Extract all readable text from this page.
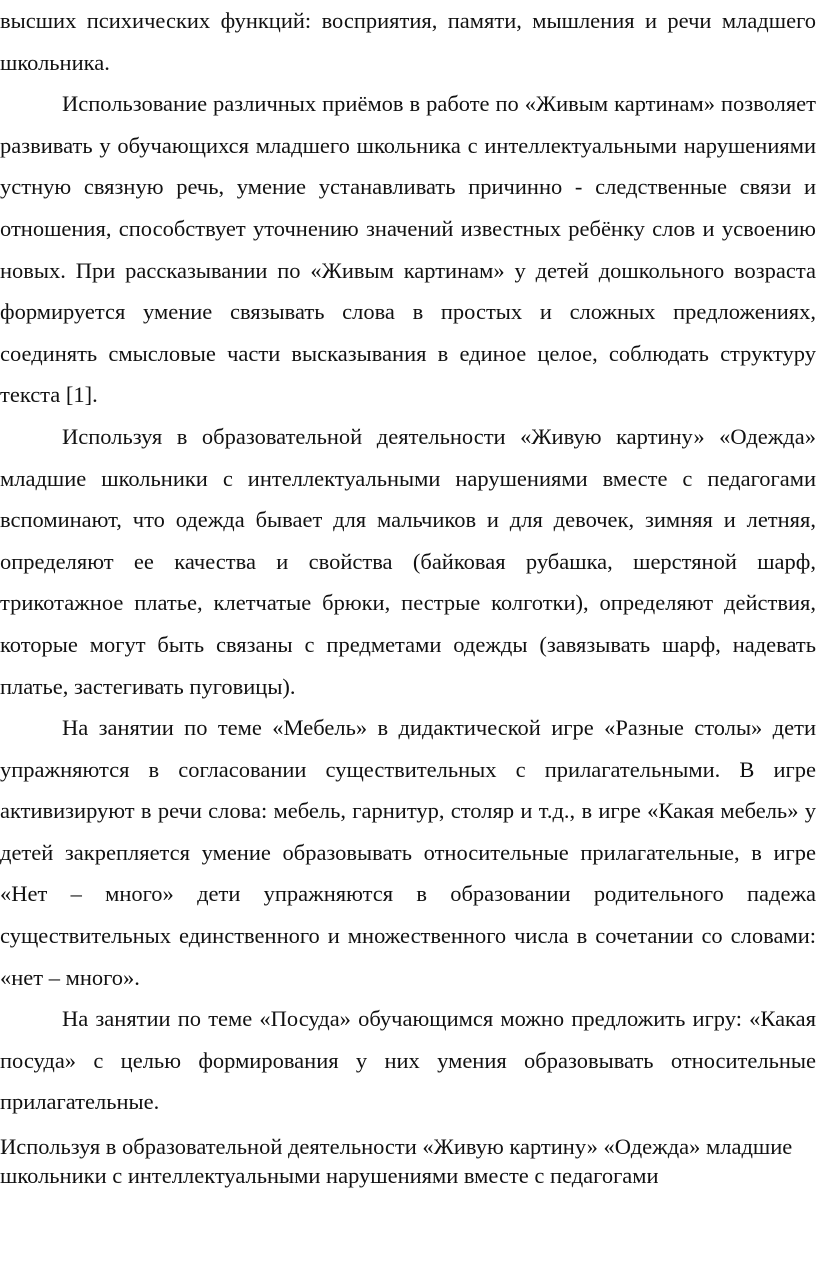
высших психических функций: восприятия, памяти, мышления и речи младшего школьника.

Использование различных приёмов в работе по «Живым картинам» позволяет развивать у обучающихся младшего школьника с интеллектуальными нарушениями устную связную речь, умение устанавливать причинно - следственные связи и отношения, способствует уточнению значений известных ребёнку слов и усвоению новых. При рассказывании по «Живым картинам» у детей дошкольного возраста формируется умение связывать слова в простых и сложных предложениях, соединять смысловые части высказывания в единое целое, соблюдать структуру текста [1].

Используя в образовательной деятельности «Живую картину» «Одежда» младшие школьники с интеллектуальными нарушениями вместе с педагогами вспоминают, что одежда бывает для мальчиков и для девочек, зимняя и летняя, определяют ее качества и свойства (байковая рубашка, шерстяной шарф, трикотажное платье, клетчатые брюки, пестрые колготки), определяют действия, которые могут быть связаны с предметами одежды (завязывать шарф, надевать платье, застегивать пуговицы).

На занятии по теме «Мебель» в дидактической игре «Разные столы» дети упражняются в согласовании существительных с прилагательными. В игре активизируют в речи слова: мебель, гарнитур, столяр и т.д., в игре «Какая мебель» у детей закрепляется умение образовывать относительные прилагательные, в игре «Нет – много» дети упражняются в образовании родительного падежа существительных единственного и множественного числа в сочетании со словами: «нет – много».

На занятии по теме «Посуда» обучающимся можно предложить игру: «Какая посуда» с целью формирования у них умения образовывать относительные прилагательные.

Используя в образовательной деятельности «Живую картину» «Одежда» младшие школьники с интеллектуальными нарушениями вместе с педагогами
